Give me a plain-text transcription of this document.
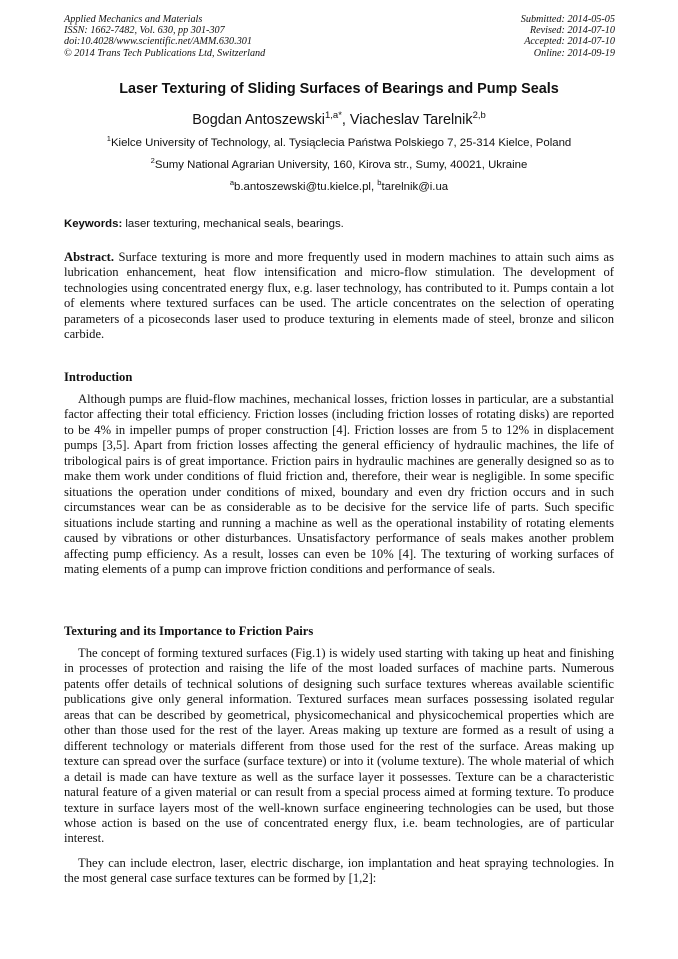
Applied Mechanics and Materials
ISSN: 1662-7482, Vol. 630, pp 301-307
doi:10.4028/www.scientific.net/AMM.630.301
© 2014 Trans Tech Publications Ltd, Switzerland
Submitted: 2014-05-05
Revised: 2014-07-10
Accepted: 2014-07-10
Online: 2014-09-19
Laser Texturing of Sliding Surfaces of Bearings and Pump Seals
Bogdan Antoszewski$^{1,a*}$, Viacheslav Tarelnik$^{2,b}$
$^1$Kielce University of Technology, al. Tysiąclecia Państwa Polskiego 7, 25-314 Kielce, Poland
$^2$Sumy National Agrarian University, 160, Kirova str., Sumy, 40021, Ukraine
$^a$b.antoszewski@tu.kielce.pl, $^b$tarelnik@i.ua
Keywords: laser texturing, mechanical seals, bearings.
Abstract. Surface texturing is more and more frequently used in modern machines to attain such aims as lubrication enhancement, heat flow intensification and micro-flow stimulation. The development of technologies using concentrated energy flux, e.g. laser technology, has contributed to it. Pumps contain a lot of elements where textured surfaces can be used. The article concentrates on the selection of operating parameters of a picoseconds laser used to produce texturing in elements made of steel, bronze and silicon carbide.
Introduction
Although pumps are fluid-flow machines, mechanical losses, friction losses in particular, are a substantial factor affecting their total efficiency. Friction losses (including friction losses of rotating disks) are reported to be 4% in impeller pumps of proper construction [4]. Friction losses are from 5 to 12% in displacement pumps [3,5]. Apart from friction losses affecting the general efficiency of hydraulic machines, the life of tribological pairs is of great importance. Friction pairs in hydraulic machines are generally designed so as to make them work under conditions of fluid friction and, therefore, their wear is negligible. In some specific situations the operation under conditions of mixed, boundary and even dry friction occurs and in such circumstances wear can be as considerable as to be decisive for the service life of parts. Such specific situations include starting and running a machine as well as the operational instability of rotating elements caused by vibrations or other disturbances. Unsatisfactory performance of seals makes another problem affecting pump efficiency. As a result, losses can even be 10% [4]. The texturing of working surfaces of mating elements of a pump can improve friction conditions and performance of seals.
Texturing and its Importance to Friction Pairs
The concept of forming textured surfaces (Fig.1) is widely used starting with taking up heat and finishing in processes of protection and raising the life of the most loaded surfaces of machine parts. Numerous patents offer details of technical solutions of designing such surface textures whereas available scientific publications give only general information. Textured surfaces mean surfaces possessing isolated regular areas that can be described by geometrical, physicomechanical and physicochemical properties which are other than those used for the rest of the layer. Areas making up texture are formed as a result of using a different technology or materials different from those used for the rest of the surface. Areas making up texture can spread over the surface (surface texture) or into it (volume texture). The whole material of which a detail is made can have texture as well as the surface layer it possesses. Texture can be a characteristic natural feature of a given material or can result from a special process aimed at forming texture. To produce texture in surface layers most of the well-known surface engineering technologies can be used, but those whose action is based on the use of concentrated energy flux, i.e. beam technologies, are of particular interest.
They can include electron, laser, electric discharge, ion implantation and heat spraying technologies. In the most general case surface textures can be formed by [1,2]:
